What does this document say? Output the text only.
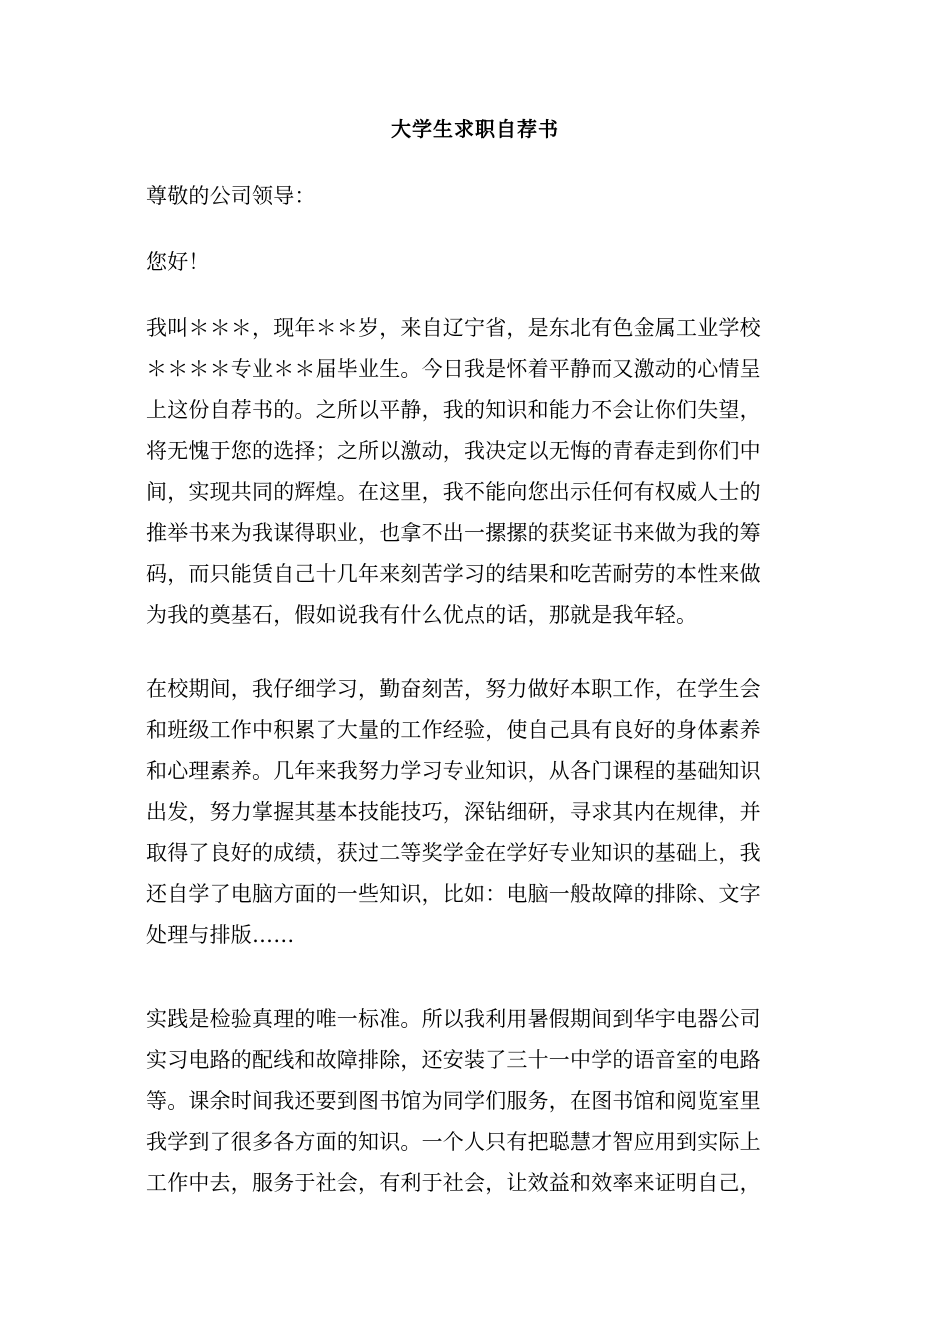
大学生求职自荐书
尊敬的公司领导：
您好！
我叫＊＊＊，现年＊＊岁，来自辽宁省，是东北有色金属工业学校
＊＊＊＊专业＊＊届毕业生。今日我是怀着平静而又激动的心情呈
上这份自荐书的。之所以平静，我的知识和能力不会让你们失望，
将无愧于您的选择；之所以激动，我决定以无悔的青春走到你们中
间，实现共同的辉煌。在这里，我不能向您出示任何有权威人士的
推举书来为我谋得职业，也拿不出一摞摞的获奖证书来做为我的筹
码，而只能赁自己十几年来刻苦学习的结果和吃苦耐劳的本性来做
为我的奠基石，假如说我有什么优点的话，那就是我年轻。
在校期间，我仔细学习，勤奋刻苦，努力做好本职工作，在学生会
和班级工作中积累了大量的工作经验，使自己具有良好的身体素养
和心理素养。几年来我努力学习专业知识，从各门课程的基础知识
出发，努力掌握其基本技能技巧，深钻细研，寻求其内在规律，并
取得了良好的成绩，获过二等奖学金在学好专业知识的基础上，我
还自学了电脑方面的一些知识，比如：电脑一般故障的排除、文字
处理与排版……
实践是检验真理的唯一标准。所以我利用暑假期间到华宇电器公司
实习电路的配线和故障排除，还安装了三十一中学的语音室的电路
等。课余时间我还要到图书馆为同学们服务，在图书馆和阅览室里
我学到了很多各方面的知识。一个人只有把聪慧才智应用到实际上
工作中去，服务于社会，有利于社会，让效益和效率来证明自己，
